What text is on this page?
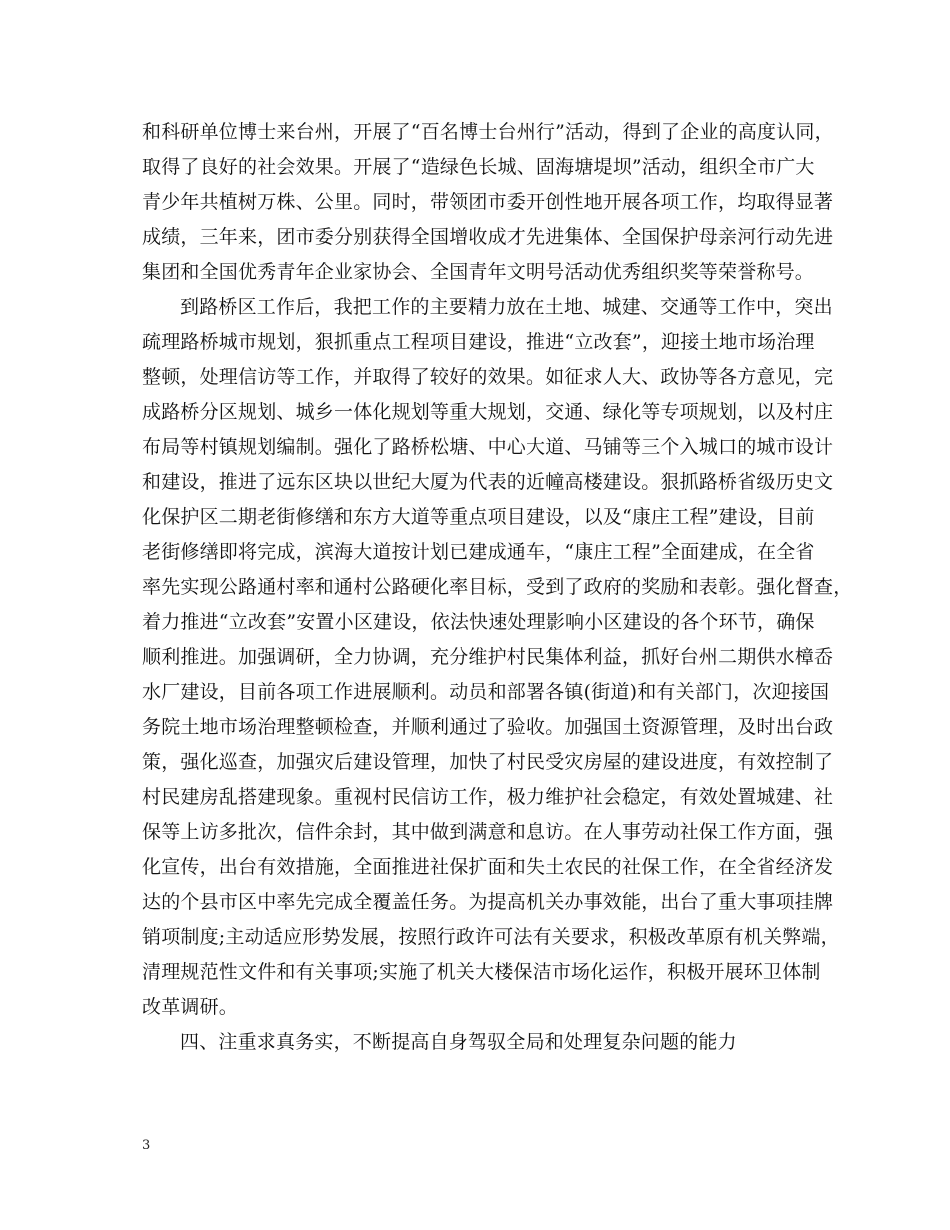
和科研单位博士来台州，开展了“百名博士台州行”活动，得到了企业的高度认同，
取得了良好的社会效果。开展了“造绿色长城、固海塘堤坝”活动，组织全市广大
青少年共植树万株、公里。同时，带领团市委开创性地开展各项工作，均取得显著
成绩，三年来，团市委分别获得全国增收成才先进集体、全国保护母亲河行动先进
集团和全国优秀青年企业家协会、全国青年文明号活动优秀组织奖等荣誉称号。
到路桥区工作后，我把工作的主要精力放在土地、城建、交通等工作中，突出
疏理路桥城市规划，狠抓重点工程项目建设，推进“立改套”，迎接土地市场治理
整顿，处理信访等工作，并取得了较好的效果。如征求人大、政协等各方意见，完
成路桥分区规划、城乡一体化规划等重大规划，交通、绿化等专项规划，以及村庄
布局等村镇规划编制。强化了路桥松塘、中心大道、马铺等三个入城口的城市设计
和建设，推进了远东区块以世纪大厦为代表的近幢高楼建设。狠抓路桥省级历史文
化保护区二期老街修缮和东方大道等重点项目建设，以及“康庄工程”建设，目前
老街修缮即将完成，滨海大道按计划已建成通车，“康庄工程”全面建成，在全省
率先实现公路通村率和通村公路硬化率目标，受到了政府的奖励和表彰。强化督查，
着力推进“立改套”安置小区建设，依法快速处理影响小区建设的各个环节，确保
顺利推进。加强调研，全力协调，充分维护村民集体利益，抓好台州二期供水樟岙
水厂建设，目前各项工作进展顺利。动员和部署各镇(街道)和有关部门，次迎接国
务院土地市场治理整顿检查，并顺利通过了验收。加强国土资源管理，及时出台政
策，强化巡查，加强灾后建设管理，加快了村民受灾房屋的建设进度，有效控制了
村民建房乱搭建现象。重视村民信访工作，极力维护社会稳定，有效处置城建、社
保等上访多批次，信件余封，其中做到满意和息访。在人事劳动社保工作方面，强
化宣传，出台有效措施，全面推进社保扩面和失土农民的社保工作，在全省经济发
达的个县市区中率先完成全覆盖任务。为提高机关办事效能，出台了重大事项挂牌
销项制度;主动适应形势发展，按照行政许可法有关要求，积极改革原有机关弊端，
清理规范性文件和有关事项;实施了机关大楼保洁市场化运作，积极开展环卫体制
改革调研。
四、注重求真务实，不断提高自身驾驭全局和处理复杂问题的能力
3
